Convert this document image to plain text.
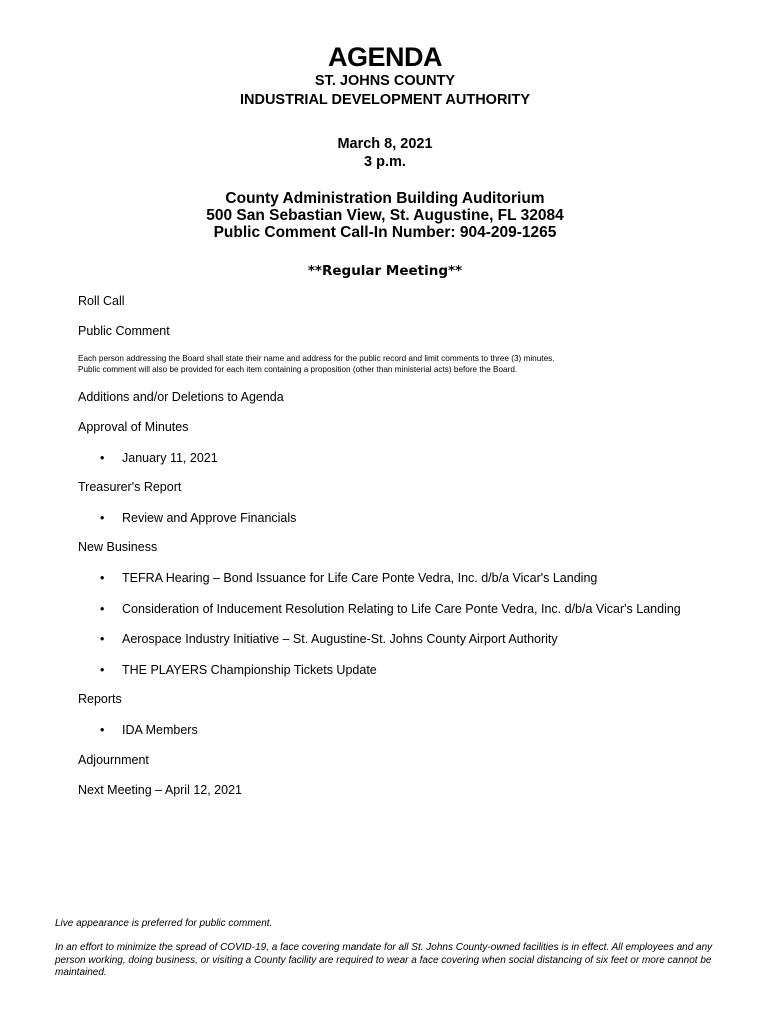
AGENDA
ST. JOHNS COUNTY
INDUSTRIAL DEVELOPMENT AUTHORITY
March 8, 2021
3 p.m.
County Administration Building Auditorium
500 San Sebastian View, St. Augustine, FL 32084
Public Comment Call-In Number: 904-209-1265
**Regular Meeting**
Roll Call
Public Comment
Each person addressing the Board shall state their name and address for the public record and limit comments to three (3) minutes.
Public comment will also be provided for each item containing a proposition (other than ministerial acts) before the Board.
Additions and/or Deletions to Agenda
Approval of Minutes
• January 11, 2021
Treasurer's Report
• Review and Approve Financials
New Business
• TEFRA Hearing – Bond Issuance for Life Care Ponte Vedra, Inc. d/b/a Vicar's Landing
• Consideration of Inducement Resolution Relating to Life Care Ponte Vedra, Inc. d/b/a Vicar's Landing
• Aerospace Industry Initiative – St. Augustine-St. Johns County Airport Authority
• THE PLAYERS Championship Tickets Update
Reports
• IDA Members
Adjournment
Next Meeting – April 12, 2021
Live appearance is preferred for public comment.
In an effort to minimize the spread of COVID-19, a face covering mandate for all St. Johns County-owned facilities is in effect. All employees and any person working, doing business, or visiting a County facility are required to wear a face covering when social distancing of six feet or more cannot be maintained.
